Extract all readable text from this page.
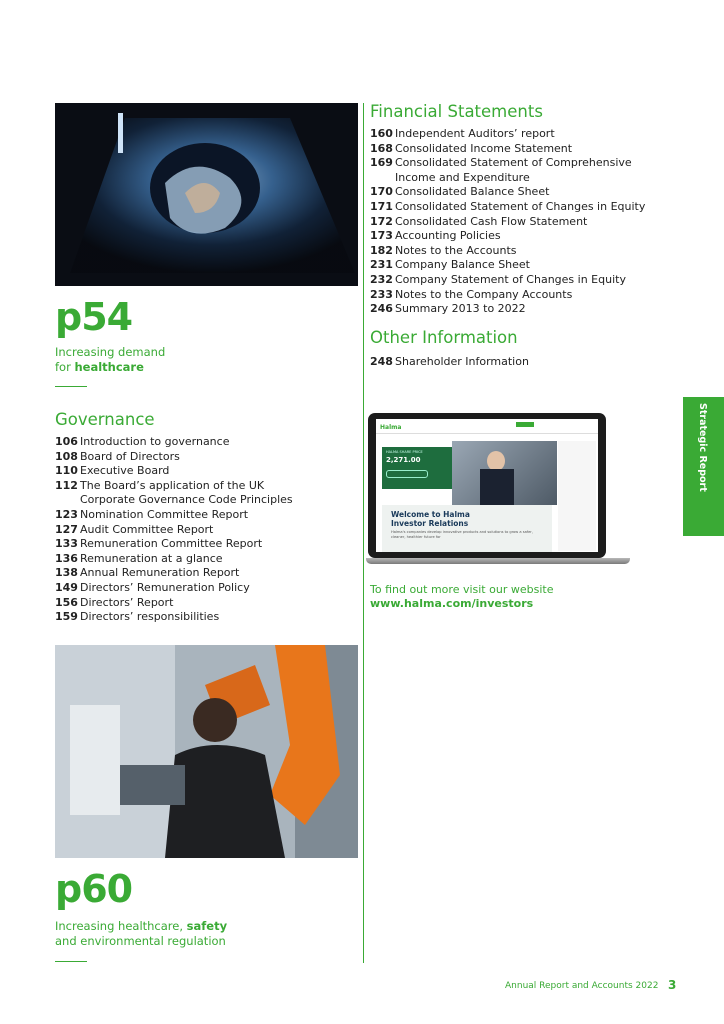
p54
Increasing demand
for healthcare
Governance
106 Introduction to governance
108 Board of Directors
110 Executive Board
112 The Board’s application of the UK
Corporate Governance Code Principles
123 Nomination Committee Report
127 Audit Committee Report
133 Remuneration Committee Report
136 Remuneration at a glance
138 Annual Remuneration Report
149 Directors’ Remuneration Policy
156 Directors’ Report
159 Directors’ responsibilities
p60
Increasing healthcare, safety
and environmental regulation
Financial Statements
160 Independent Auditors’ report
168 Consolidated Income Statement
169 Consolidated Statement of Comprehensive
Income and Expenditure
170 Consolidated Balance Sheet
171 Consolidated Statement of Changes in Equity
172 Consolidated Cash Flow Statement
173 Accounting Policies
182 Notes to the Accounts
231 Company Balance Sheet
232 Company Statement of Changes in Equity
233 Notes to the Company Accounts
246 Summary 2013 to 2022
Other Information
248 Shareholder Information
Halma
HALMA SHARE PRICE
2,271.00
Welcome to Halma
Investor Relations
Halma's companies develop innovative products and solutions to grow a safer, cleaner, healthier future for
To find out more visit our website
www.halma.com/investors
Strategic Report
Annual Report and Accounts 2022 3
